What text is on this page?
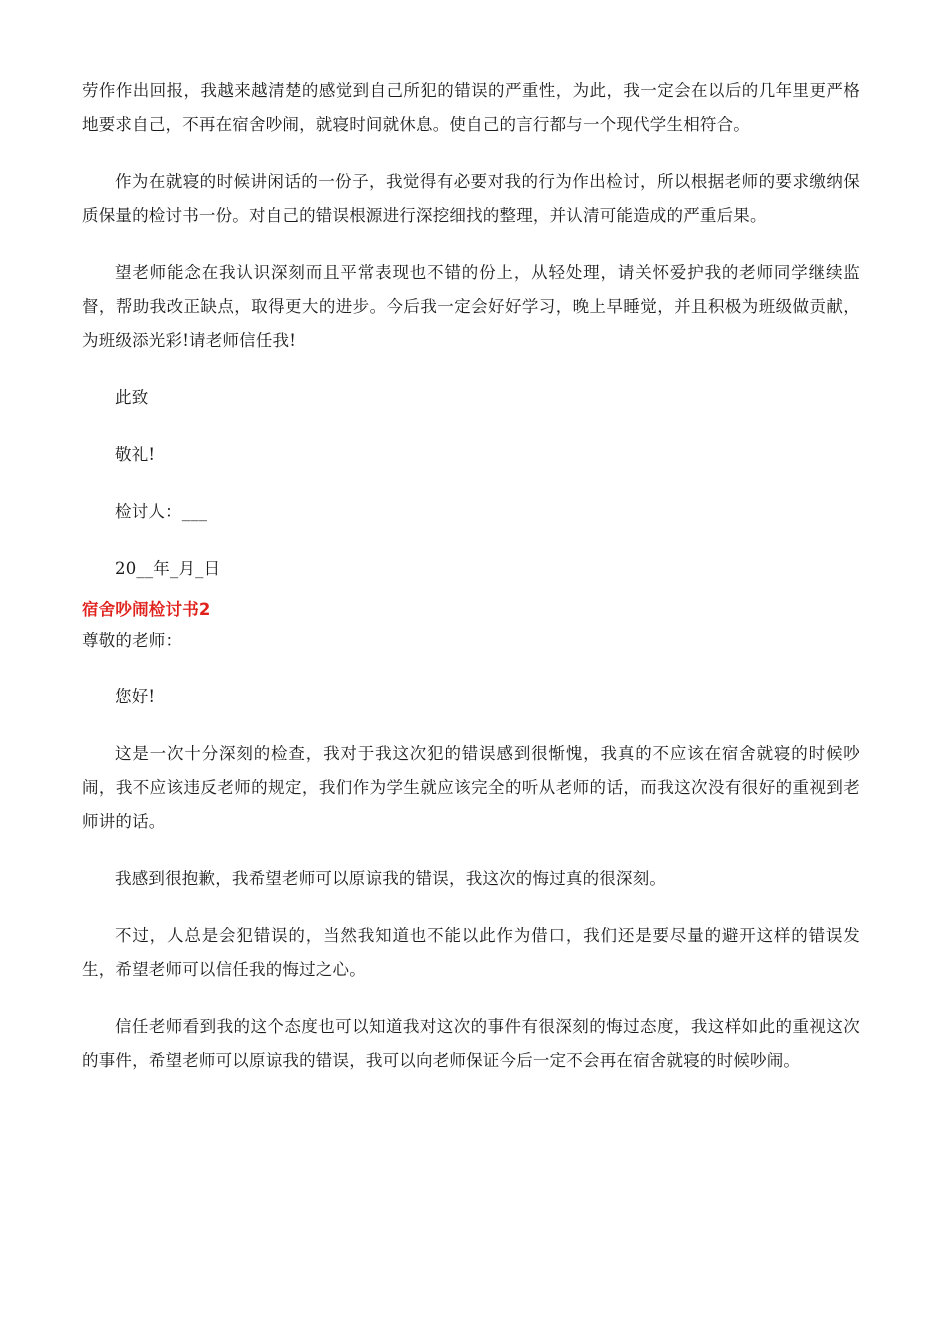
劳作作出回报，我越来越清楚的感觉到自己所犯的错误的严重性，为此，我一定会在以后的几年里更严格地要求自己，不再在宿舍吵闹，就寝时间就休息。使自己的言行都与一个现代学生相符合。

作为在就寝的时候讲闲话的一份子，我觉得有必要对我的行为作出检讨，所以根据老师的要求缴纳保质保量的检讨书一份。对自己的错误根源进行深挖细找的整理，并认清可能造成的严重后果。

望老师能念在我认识深刻而且平常表现也不错的份上，从轻处理，请关怀爱护我的老师同学继续监督，帮助我改正缺点，取得更大的进步。今后我一定会好好学习，晚上早睡觉，并且积极为班级做贡献，为班级添光彩!请老师信任我!

此致

敬礼!

检讨人：___

20__年_月_日

宿舍吵闹检讨书2

尊敬的老师：

您好!

这是一次十分深刻的检查，我对于我这次犯的错误感到很惭愧，我真的不应该在宿舍就寝的时候吵闹，我不应该违反老师的规定，我们作为学生就应该完全的听从老师的话，而我这次没有很好的重视到老师讲的话。

我感到很抱歉，我希望老师可以原谅我的错误，我这次的悔过真的很深刻。

不过，人总是会犯错误的，当然我知道也不能以此作为借口，我们还是要尽量的避开这样的错误发生，希望老师可以信任我的悔过之心。

信任老师看到我的这个态度也可以知道我对这次的事件有很深刻的悔过态度，我这样如此的重视这次的事件，希望老师可以原谅我的错误，我可以向老师保证今后一定不会再在宿舍就寝的时候吵闹。
